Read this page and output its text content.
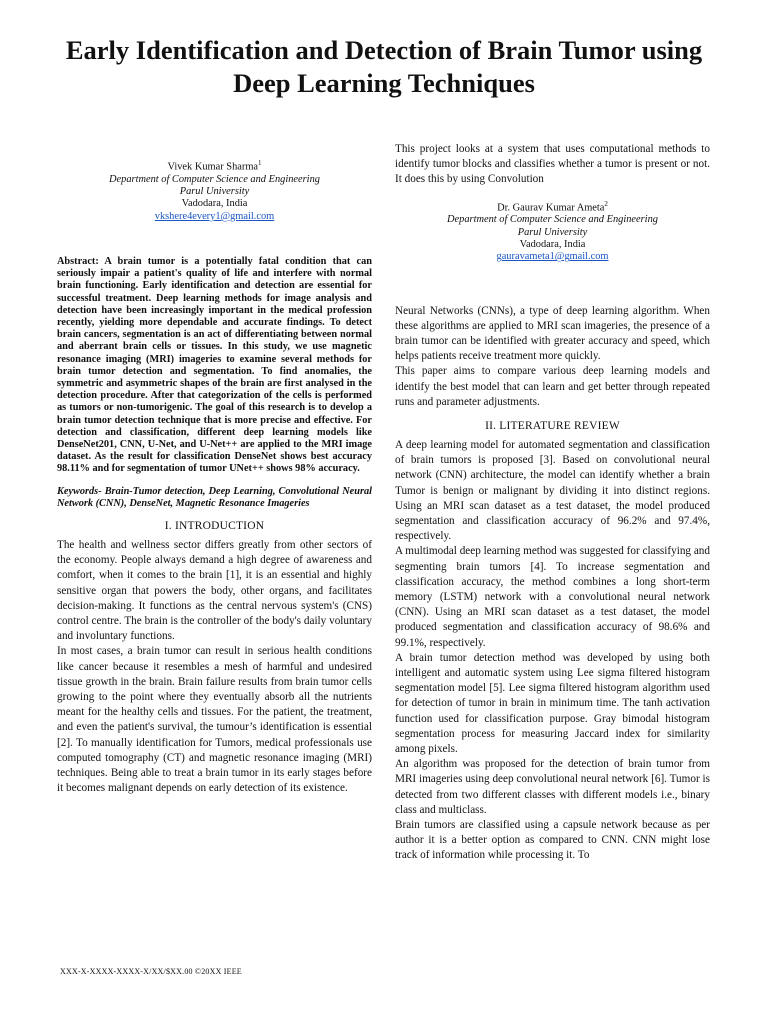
Early Identification and Detection of Brain Tumor using Deep Learning Techniques
Vivek Kumar Sharma$^1$
Department of Computer Science and Engineering
Parul University
Vadodara, India
vkshere4every1@gmail.com

Abstract: A brain tumor is a potentially fatal condition that can seriously impair a patient's quality of life and interfere with normal brain functioning. Early identification and detection are essential for successful treatment. Deep learning methods for image analysis and detection have been increasingly important in the medical profession recently, yielding more dependable and accurate findings. To detect brain cancers, segmentation is an act of differentiating between normal and aberrant brain cells or tissues. In this study, we use magnetic resonance imaging (MRI) imageries to examine several methods for brain tumor detection and segmentation. To find anomalies, the symmetric and asymmetric shapes of the brain are first analysed in the detection procedure. After that categorization of the cells is performed as tumors or non-tumorigenic. The goal of this research is to develop a brain tumor detection technique that is more precise and effective. For detection and classification, different deep learning models like DenseNet201, CNN, U-Net, and U-Net++ are applied to the MRI image dataset. As the result for classification DenseNet shows best accuracy 98.11% and for segmentation of tumor UNet++ shows 98% accuracy.

Keywords- Brain-Tumor detection, Deep Learning, Convolutional Neural Network (CNN), DenseNet, Magnetic Resonance Imageries

I. INTRODUCTION

The health and wellness sector differs greatly from other sectors of the economy. People always demand a high degree of awareness and comfort, when it comes to the brain [1], it is an essential and highly sensitive organ that powers the body, other organs, and facilitates decision-making. It functions as the central nervous system's (CNS) control centre. The brain is the controller of the body's daily voluntary and involuntary functions.

In most cases, a brain tumor can result in serious health conditions like cancer because it resembles a mesh of harmful and undesired tissue growth in the brain. Brain failure results from brain tumor cells growing to the point where they eventually absorb all the nutrients meant for the healthy cells and tissues. For the patient, the treatment, and even the patient's survival, the tumour’s identification is essential [2]. To manually identification for Tumors, medical professionals use computed tomography (CT) and magnetic resonance imaging (MRI) techniques. Being able to treat a brain tumor in its early stages before it becomes malignant depends on early detection of its existence.

This project looks at a system that uses computational methods to identify tumor blocks and classifies whether a tumor is present or not. It does this by using Convolution

Dr. Gaurav Kumar Ameta$^2$
Department of Computer Science and Engineering
Parul University
Vadodara, India
gauravameta1@gmail.com

Neural Networks (CNNs), a type of deep learning algorithm. When these algorithms are applied to MRI scan imageries, the presence of a brain tumor can be identified with greater accuracy and speed, which helps patients receive treatment more quickly.

This paper aims to compare various deep learning models and identify the best model that can learn and get better through repeated runs and parameter adjustments.

II. LITERATURE REVIEW

A deep learning model for automated segmentation and classification of brain tumors is proposed [3]. Based on convolutional neural network (CNN) architecture, the model can identify whether a brain Tumor is benign or malignant by dividing it into distinct regions. Using an MRI scan dataset as a test dataset, the model produced segmentation and classification accuracy of 96.2% and 97.4%, respectively.

A multimodal deep learning method was suggested for classifying and segmenting brain tumors [4]. To increase segmentation and classification accuracy, the method combines a long short-term memory (LSTM) network with a convolutional neural network (CNN). Using an MRI scan dataset as a test dataset, the model produced segmentation and classification accuracy of 98.6% and 99.1%, respectively.

A brain tumor detection method was developed by using both intelligent and automatic system using Lee sigma filtered histogram segmentation model [5]. Lee sigma filtered histogram algorithm used for detection of tumor in brain in minimum time. The tanh activation function used for classification purpose. Gray bimodal histogram segmentation process for measuring Jaccard index for similarity among pixels.

An algorithm was proposed for the detection of brain tumor from MRI imageries using deep convolutional neural network [6]. Tumor is detected from two different classes with different models i.e., binary class and multiclass.

Brain tumors are classified using a capsule network because as per author it is a better option as compared to CNN. CNN might lose track of information while processing it. To

XXX-X-XXXX-XXXX-X/XX/$XX.00 ©20XX IEEE
